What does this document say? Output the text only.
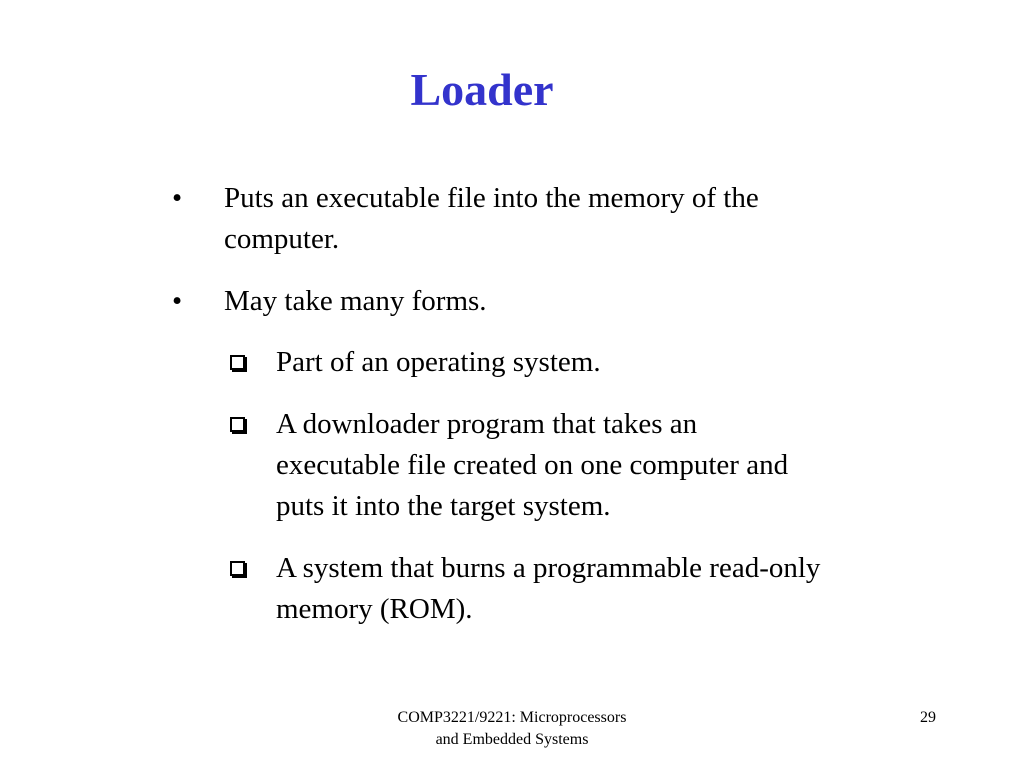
Loader
•	Puts an executable file into the memory of the
computer.
•	May take many forms.
Part of an operating system.
A downloader program that takes an
executable file created on one computer and
puts it into the target system.
A system that burns a programmable read-only
memory (ROM).
COMP3221/9221: Microprocessors
and Embedded Systems
29
